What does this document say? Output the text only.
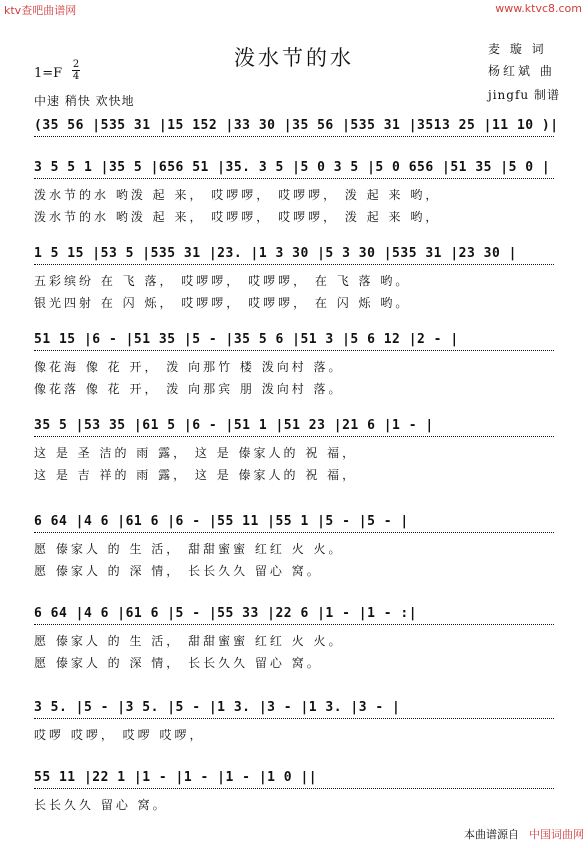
ktv查吧曲谱网	www.ktvc8.com
泼水节的水	麦 璇 词
杨红斌 曲
jingfu 制谱
1=F
2
4
中速 稍快 欢快地
(35 56 |535 31 |15 152 |33 30 |35 56 |535 31 |3513 25 |11 10 )|
3 5 5 1 |35 5 |656 51 |35. 3 5 |5 0 3 5 |5 0 656 |51 35 |5 0 |
泼水节的水 哟泼 起 来， 哎啰啰， 哎啰啰， 泼 起 来 哟，
泼水节的水 哟泼 起 来， 哎啰啰， 哎啰啰， 泼 起 来 哟，
1 5 15 |53 5 |535 31 |23. |1 3 30 |5 3 30 |535 31 |23 30 |
五彩缤纷 在 飞 落， 哎啰啰， 哎啰啰， 在 飞 落 哟。
银光四射 在 闪 烁， 哎啰啰， 哎啰啰， 在 闪 烁 哟。
51 15 |6 - |51 35 |5 - |35 5 6 |51 3 |5 6 12 |2 - |
像花海 像 花 开， 泼 向那竹 楼 泼向村 落。
像花落 像 花 开， 泼 向那宾 朋 泼向村 落。
35 5 |53 35 |61 5 |6 - |51 1 |51 23 |21 6 |1 - |
这 是 圣 洁的 雨 露， 这 是 傣家人的 祝 福，
这 是 吉 祥的 雨 露， 这 是 傣家人的 祝 福，
6 64 |4 6 |61 6 |6 - |55 11 |55 1 |5 - |5 - |
愿 傣家人 的 生 活， 甜甜蜜蜜 红红 火 火。
愿 傣家人 的 深 情， 长长久久 留心 窝。
6 64 |4 6 |61 6 |5 - |55 33 |22 6 |1 - |1 - :|
愿 傣家人 的 生 活， 甜甜蜜蜜 红红 火 火。
愿 傣家人 的 深 情， 长长久久 留心 窝。
3 5. |5 - |3 5. |5 - |1 3. |3 - |1 3. |3 - |
哎啰 哎啰， 哎啰 哎啰，
55 11 |22 1 |1 - |1 - |1 - |1 0 ||
长长久久 留心 窝。
本曲谱源自 中国词曲网
